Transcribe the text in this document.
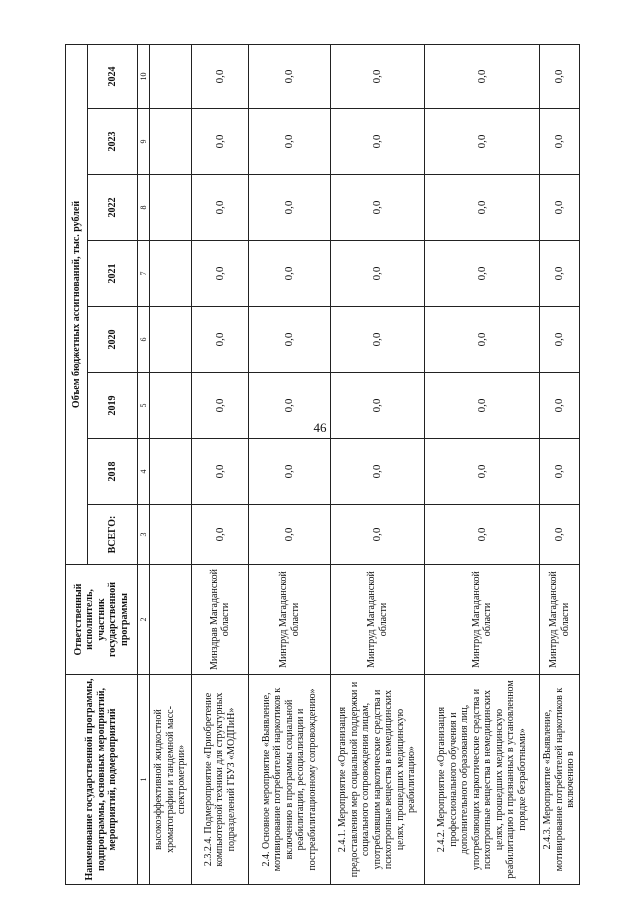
46
Наименование государственной программы, подпрограммы, основных мероприятий, мероприятий, подмероприятий	Ответственный исполнитель, участник государственной программы	Объем бюджетных ассигнований, тыс. рублей							
		ВСЕГО:	2018	2019	2020	2021	2022	2023	2024
1	2	3	4	5	6	7	8	9	10
высокоэффективной жидкостной хроматографии и тандемной масс-спектрометрии»									
2.3.2.4. Подмероприятие «Приобретение компьютерной техники для структурных подразделений ГБУЗ «МОДПиН»	Минздрав Магаданской области	0,0	0,0	0,0	0,0	0,0	0,0	0,0	0,0
2.4. Основное мероприятие «Выявление, мотивирование потребителей наркотиков к включению в программы социальной реабилитации, ресоциализации и постреабилитационному сопровождению»	Минтруд Магаданской области	0,0	0,0	0,0	0,0	0,0	0,0	0,0	0,0
2.4.1. Мероприятие «Организация предоставления мер социальной поддержки и социального сопровождения лицам, употреблявшим наркотические средства и психотропные вещества в немедицинских целях, прошедших медицинскую реабилитацию»	Минтруд Магаданской области	0,0	0,0	0,0	0,0	0,0	0,0	0,0	0,0
2.4.2. Мероприятие «Организация профессионального обучения и дополнительного образования лиц, употребляющих наркотические средства и психотропные вещества в немедицинских целях, прошедших медицинскую реабилитацию и признанных в установленном порядке безработными»	Минтруд Магаданской области	0,0	0,0	0,0	0,0	0,0	0,0	0,0	0,0
2.4.3. Мероприятие «Выявление, мотивирование потребителей наркотиков к включению в	Минтруд Магаданской области	0,0	0,0	0,0	0,0	0,0	0,0	0,0	0,0
